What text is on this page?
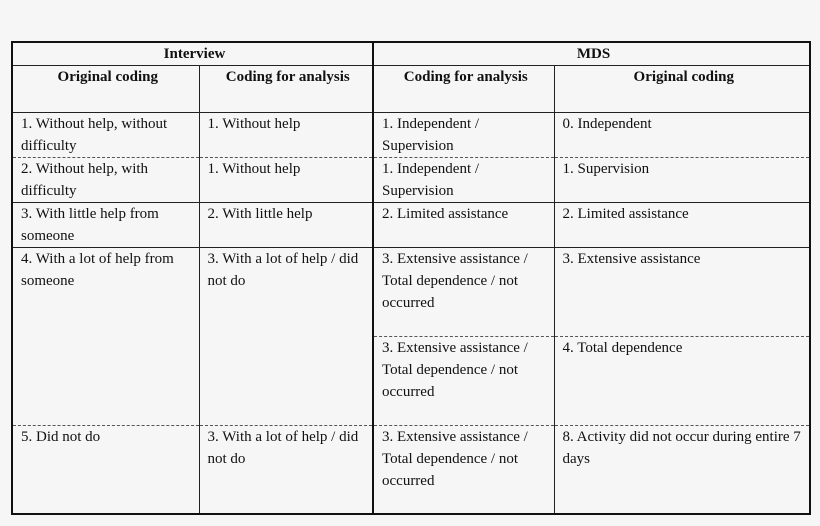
Interview		MDS	
Original coding	Coding for analysis	Coding for analysis	Original coding
1. Without help, without difficulty	1. Without help	1. Independent / Supervision	0. Independent
2. Without help, with difficulty	1. Without help	1. Independent / Supervision	1. Supervision
3. With little help from someone	2. With little help	2. Limited assistance	2. Limited assistance
4. With a lot of help from someone	3. With a lot of help / did not do	3. Extensive assistance / Total dependence / not occurred	3. Extensive assistance
		3. Extensive assistance / Total dependence / not occurred	4. Total dependence
5. Did not do	3. With a lot of help / did not do	3. Extensive assistance / Total dependence / not occurred	8. Activity did not occur during entire 7 days
